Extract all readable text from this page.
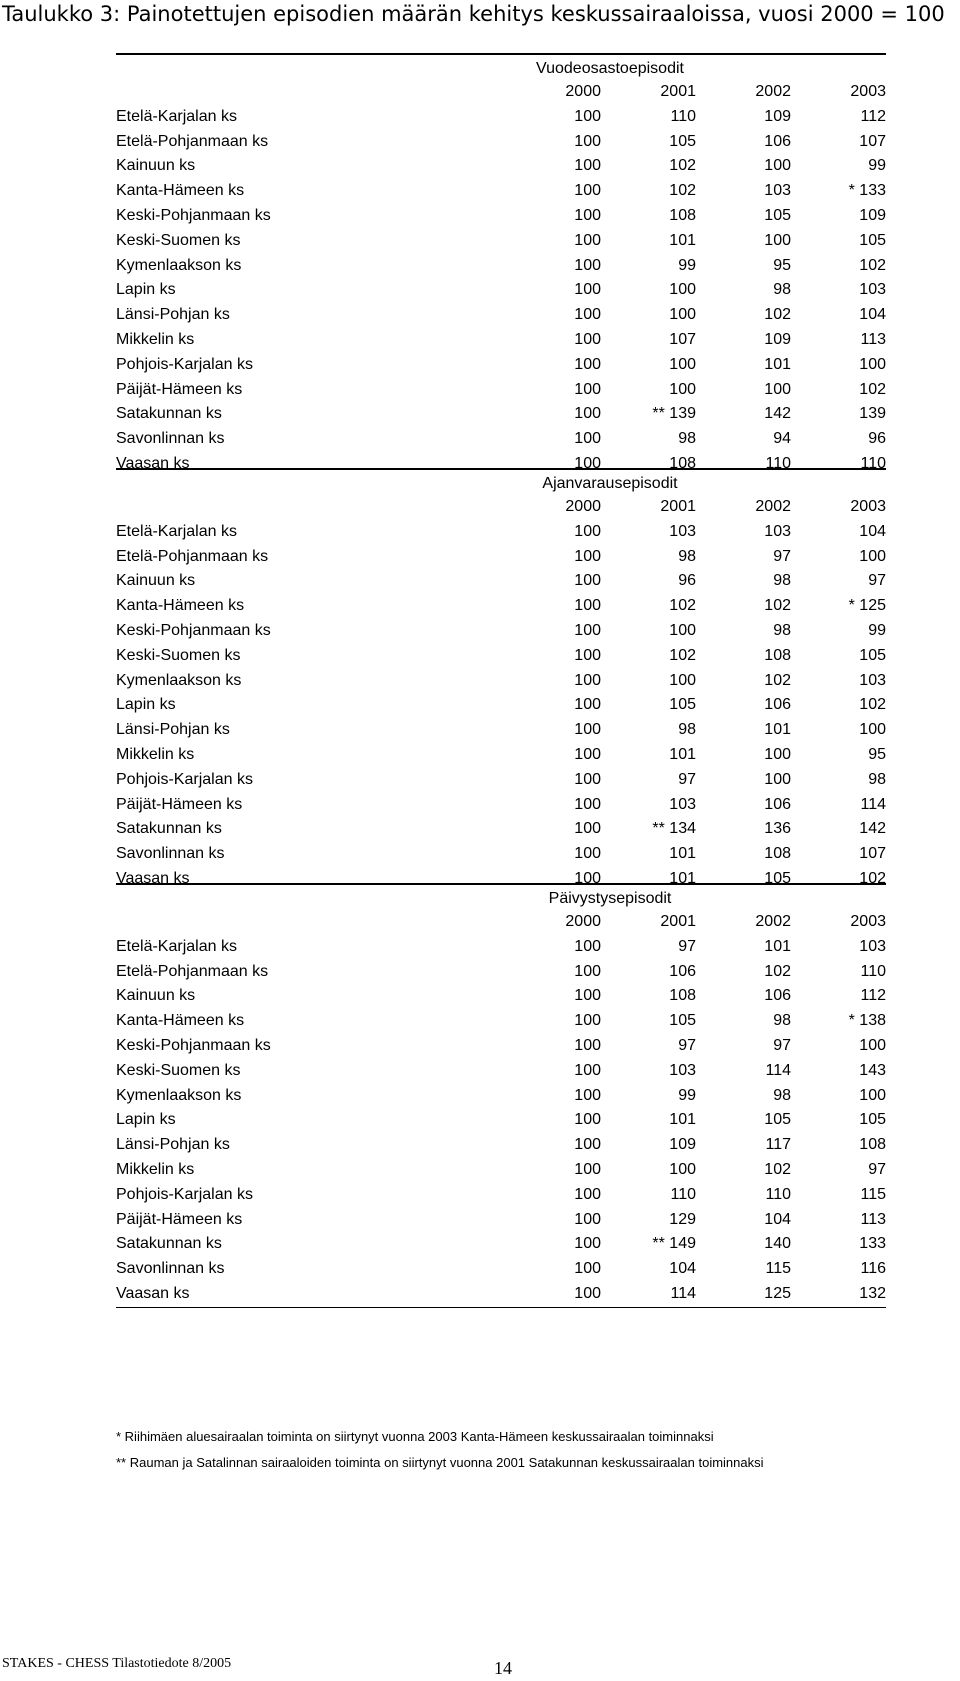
Taulukko 3: Painotettujen episodien määrän kehitys keskussairaaloissa, vuosi 2000 = 100
Vuodeosastoepisodit
2000	2001	2002	2003
Etelä-Karjalan ks	100	110	109	112
Etelä-Pohjanmaan ks	100	105	106	107
Kainuun ks	100	102	100	99
Kanta-Hämeen ks	100	102	103	* 133
Keski-Pohjanmaan ks	100	108	105	109
Keski-Suomen ks	100	101	100	105
Kymenlaakson ks	100	99	95	102
Lapin ks	100	100	98	103
Länsi-Pohjan ks	100	100	102	104
Mikkelin ks	100	107	109	113
Pohjois-Karjalan ks	100	100	101	100
Päijät-Hämeen ks	100	100	100	102
Satakunnan ks	100	** 139	142	139
Savonlinnan ks	100	98	94	96
Vaasan ks	100	108	110	110
Ajanvarausepisodit
2000	2001	2002	2003
Etelä-Karjalan ks	100	103	103	104
Etelä-Pohjanmaan ks	100	98	97	100
Kainuun ks	100	96	98	97
Kanta-Hämeen ks	100	102	102	* 125
Keski-Pohjanmaan ks	100	100	98	99
Keski-Suomen ks	100	102	108	105
Kymenlaakson ks	100	100	102	103
Lapin ks	100	105	106	102
Länsi-Pohjan ks	100	98	101	100
Mikkelin ks	100	101	100	95
Pohjois-Karjalan ks	100	97	100	98
Päijät-Hämeen ks	100	103	106	114
Satakunnan ks	100	** 134	136	142
Savonlinnan ks	100	101	108	107
Vaasan ks	100	101	105	102
Päivystysepisodit
2000	2001	2002	2003
Etelä-Karjalan ks	100	97	101	103
Etelä-Pohjanmaan ks	100	106	102	110
Kainuun ks	100	108	106	112
Kanta-Hämeen ks	100	105	98	* 138
Keski-Pohjanmaan ks	100	97	97	100
Keski-Suomen ks	100	103	114	143
Kymenlaakson ks	100	99	98	100
Lapin ks	100	101	105	105
Länsi-Pohjan ks	100	109	117	108
Mikkelin ks	100	100	102	97
Pohjois-Karjalan ks	100	110	110	115
Päijät-Hämeen ks	100	129	104	113
Satakunnan ks	100	** 149	140	133
Savonlinnan ks	100	104	115	116
Vaasan ks	100	114	125	132
* Riihimäen aluesairaalan toiminta on siirtynyt vuonna 2003 Kanta-Hämeen keskussairaalan toiminnaksi
** Rauman ja Satalinnan sairaaloiden toiminta on siirtynyt vuonna 2001 Satakunnan keskussairaalan toiminnaksi
STAKES - CHESS Tilastotiedote 8/2005	14
